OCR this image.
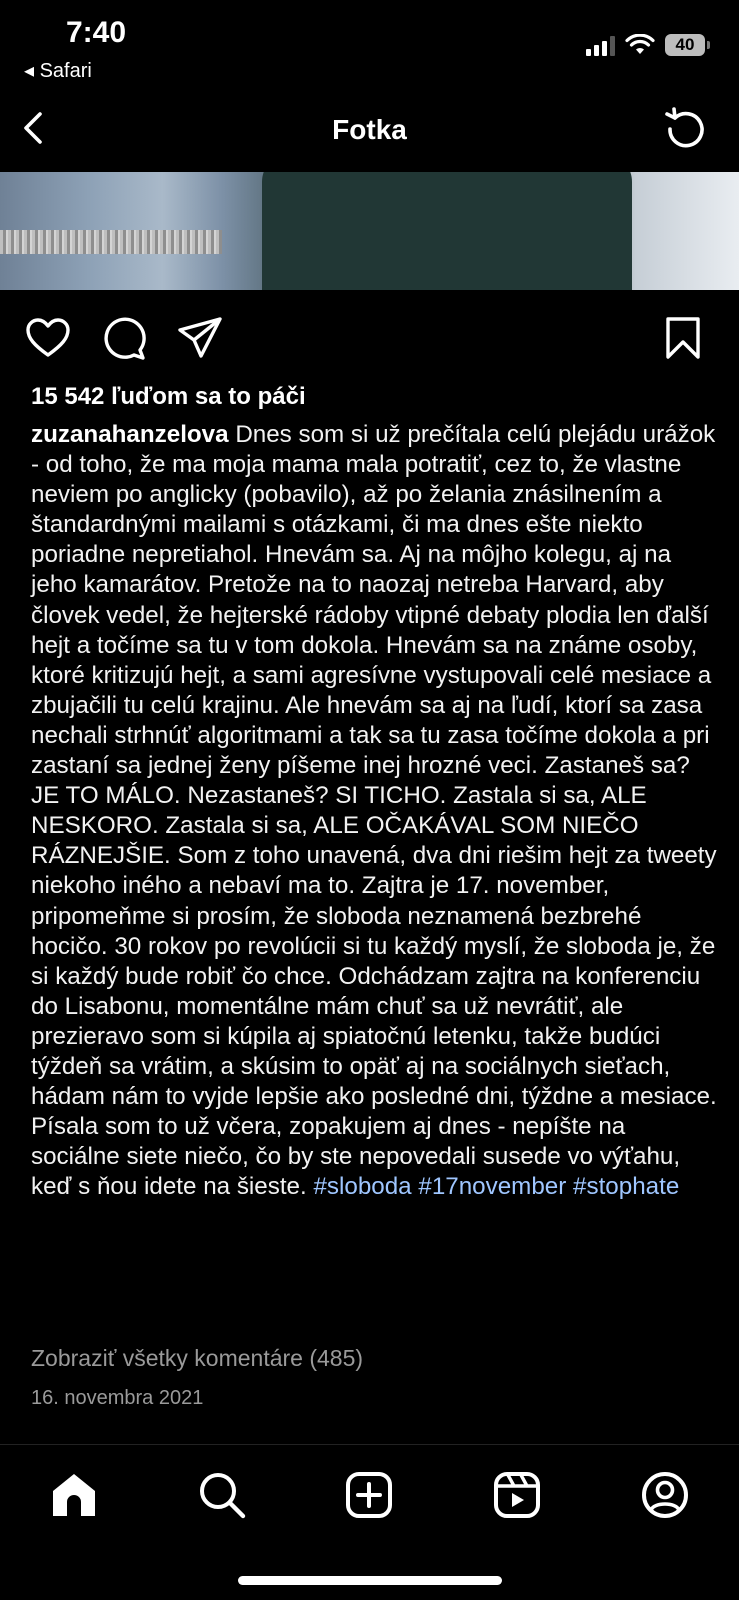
7:40
◂ Safari
40
Fotka
15 542 ľuďom sa to páči
zuzanahanzelova Dnes som si už prečítala celú plejádu urážok - od toho, že ma moja mama mala potratiť, cez to, že vlastne neviem po anglicky (pobavilo), až po želania znásilnením a štandardnými mailami s otázkami, či ma dnes ešte niekto poriadne nepretiahol. Hnevám sa. Aj na môjho kolegu, aj na jeho kamarátov. Pretože na to naozaj netreba Harvard, aby človek vedel, že hejterské rádoby vtipné debaty plodia len ďalší hejt a točíme sa tu v tom dokola. Hnevám sa na známe osoby, ktoré kritizujú hejt, a sami agresívne vystupovali celé mesiace a zbujačili tu celú krajinu. Ale hnevám sa aj na ľudí, ktorí sa zasa nechali strhnúť algoritmami a tak sa tu zasa točíme dokola a pri zastaní sa jednej ženy píšeme inej hrozné veci. Zastaneš sa? JE TO MÁLO. Nezastaneš? SI TICHO. Zastala si sa, ALE NESKORO. Zastala si sa, ALE OČAKÁVAL SOM NIEČO RÁZNEJŠIE. Som z toho unavená, dva dni riešim hejt za tweety niekoho iného a nebaví ma to. Zajtra je 17. november, pripomeňme si prosím, že sloboda neznamená bezbrehé hocičo. 30 rokov po revolúcii si tu každý myslí, že sloboda je, že si každý bude robiť čo chce. Odchádzam zajtra na konferenciu do Lisabonu, momentálne mám chuť sa už nevrátiť, ale prezieravo som si kúpila aj spiatočnú letenku, takže budúci týždeň sa vrátim, a skúsim to opäť aj na sociálnych sieťach, hádam nám to vyjde lepšie ako posledné dni, týždne a mesiace. Písala som to už včera, zopakujem aj dnes - nepíšte na sociálne siete niečo, čo by ste nepovedali susede vo výťahu, keď s ňou idete na šieste. #sloboda #17november #stophate
Zobraziť všetky komentáre (485)
16. novembra 2021
